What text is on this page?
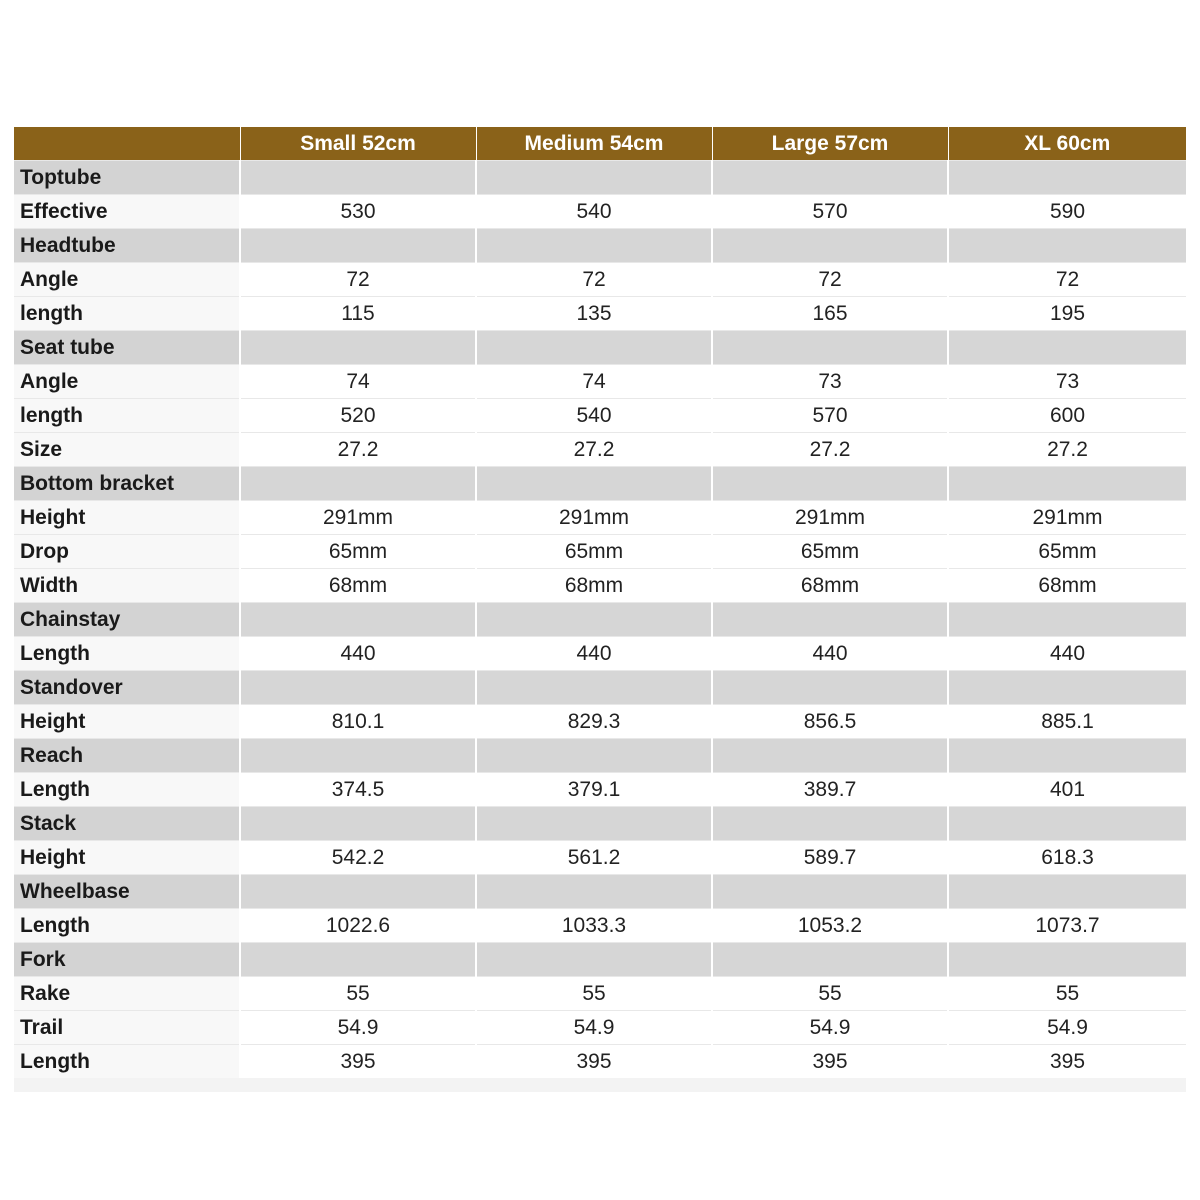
	Small 52cm	Medium 54cm	Large 57cm	XL 60cm
Toptube				
Effective	530	540	570	590
Headtube				
Angle	72	72	72	72
length	115	135	165	195
Seat tube				
Angle	74	74	73	73
length	520	540	570	600
Size	27.2	27.2	27.2	27.2
Bottom bracket				
Height	291mm	291mm	291mm	291mm
Drop	65mm	65mm	65mm	65mm
Width	68mm	68mm	68mm	68mm
Chainstay				
Length	440	440	440	440
Standover				
Height	810.1	829.3	856.5	885.1
Reach				
Length	374.5	379.1	389.7	401
Stack				
Height	542.2	561.2	589.7	618.3
Wheelbase				
Length	1022.6	1033.3	1053.2	1073.7
Fork				
Rake	55	55	55	55
Trail	54.9	54.9	54.9	54.9
Length	395	395	395	395
